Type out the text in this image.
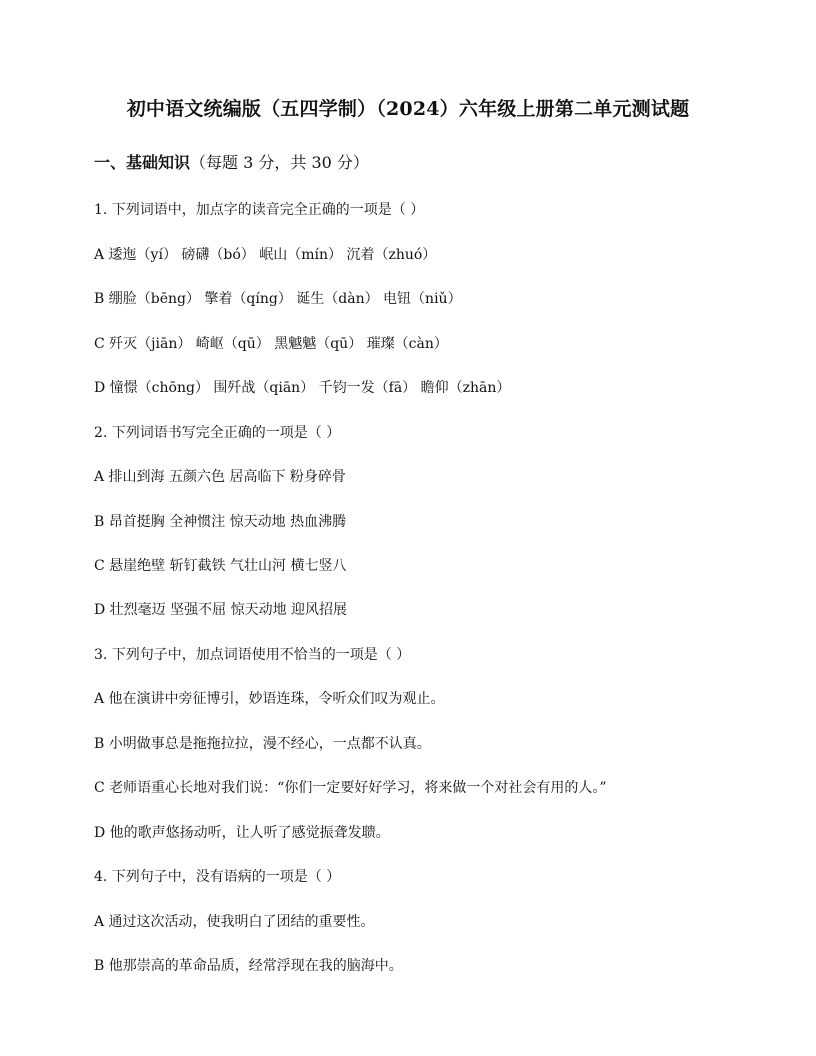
初中语文统编版（五四学制）（2024）六年级上册第二单元测试题
一、基础知识（每题 3 分，共 30 分）
1. 下列词语中，加点字的读音完全正确的一项是（ ）
A 逶迤（yí） 磅礴（bó） 岷山（mín） 沉着（zhuó）
B 绷脸（bēng） 擎着（qíng） 诞生（dàn） 电钮（niǔ）
C 歼灭（jiān） 崎岖（qū） 黑魆魆（qū） 璀璨（càn）
D 憧憬（chōng） 围歼战（qiān） 千钧一发（fā） 瞻仰（zhān）
2. 下列词语书写完全正确的一项是（ ）
A 排山到海 五颜六色 居高临下 粉身碎骨
B 昂首挺胸 全神惯注 惊天动地 热血沸腾
C 悬崖绝壁 斩钉截铁 气壮山河 横七竖八
D 壮烈毫迈 坚强不屈 惊天动地 迎风招展
3. 下列句子中，加点词语使用不恰当的一项是（ ）
A 他在演讲中旁征博引，妙语连珠，令听众们叹为观止。
B 小明做事总是拖拖拉拉，漫不经心，一点都不认真。
C 老师语重心长地对我们说：“你们一定要好好学习，将来做一个对社会有用的人。”
D 他的歌声悠扬动听，让人听了感觉振聋发聩。
4. 下列句子中，没有语病的一项是（ ）
A 通过这次活动，使我明白了团结的重要性。
B 他那崇高的革命品质，经常浮现在我的脑海中。
